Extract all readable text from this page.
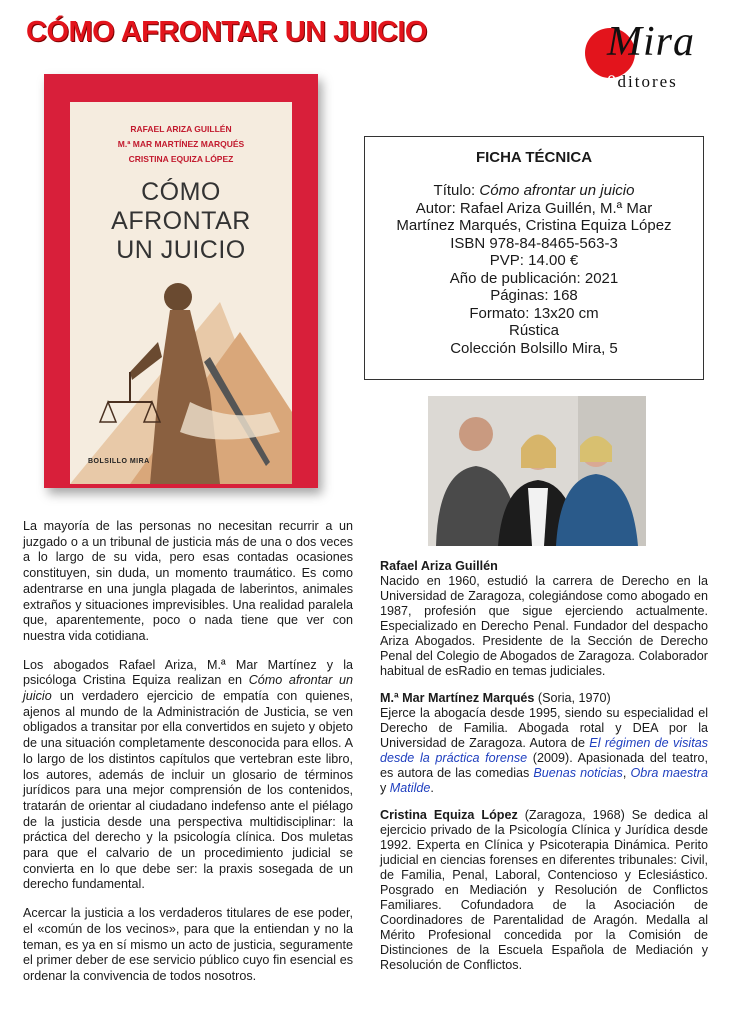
CÓMO AFRONTAR UN JUICIO	Mira
e ditores
RAFAEL ARIZA GUILLÉN
M.ª MAR MARTÍNEZ MARQUÉS
CRISTINA EQUIZA LÓPEZ
CÓMO
AFRONTAR
UN JUICIO
BOLSILLO MIRA
FICHA TÉCNICA
Título: Cómo afrontar un juicio
Autor: Rafael Ariza Guillén, M.ª Mar
Martínez Marqués, Cristina Equiza López
ISBN 978-84-8465-563-3
PVP: 14.00 €
Año de publicación: 2021
Páginas: 168
Formato: 13x20 cm
Rústica
Colección Bolsillo Mira, 5

La mayoría de las personas no necesitan recurrir a un juzgado o a un tribunal de justicia más de una o dos veces a lo largo de su vida, pero esas contadas ocasiones constituyen, sin duda, un momento traumático. Es como adentrarse en una jungla plagada de laberintos, animales extraños y situaciones imprevisibles. Una realidad paralela que, aparentemente, poco o nada tiene que ver con nuestra vida cotidiana.

Los abogados Rafael Ariza, M.ª Mar Martínez y la psicóloga Cristina Equiza realizan en Cómo afrontar un juicio un verdadero ejercicio de empatía con quienes, ajenos al mundo de la Administración de Justicia, se ven obligados a transitar por ella convertidos en sujeto y objeto de una situación completamente desconocida para ellos. A lo largo de los distintos capítulos que vertebran este libro, los autores, además de incluir un glosario de términos jurídicos para una mejor comprensión de los contenidos, tratarán de orientar al ciudadano indefenso ante el piélago de la justicia desde una perspectiva multidisciplinar: la práctica del derecho y la psicología clínica. Dos muletas para que el calvario de un procedimiento judicial se convierta en lo que debe ser: la praxis sosegada de un derecho fundamental.

Acercar la justicia a los verdaderos titulares de ese poder, el «común de los vecinos», para que la entiendan y no la teman, es ya en sí mismo un acto de justicia, seguramente el primer deber de ese servicio público cuyo fin esencial es ordenar la convivencia de todos nosotros.

Rafael Ariza Guillén
Nacido en 1960, estudió la carrera de Derecho en la Universidad de Zaragoza, colegiándose como abogado en 1987, profesión que sigue ejerciendo actualmente. Especializado en Derecho Penal. Fundador del despacho Ariza Abogados. Presidente de la Sección de Derecho Penal del Colegio de Abogados de Zaragoza. Colaborador habitual de esRadio en temas judiciales.

M.ª Mar Martínez Marqués (Soria, 1970)
Ejerce la abogacía desde 1995, siendo su especialidad el Derecho de Familia. Abogada rotal y DEA por la Universidad de Zaragoza. Autora de El régimen de visitas desde la práctica forense (2009). Apasionada del teatro, es autora de las comedias Buenas noticias, Obra maestra y Matilde.

Cristina Equiza López (Zaragoza, 1968) Se dedica al ejercicio privado de la Psicología Clínica y Jurídica desde 1992. Experta en Clínica y Psicoterapia Dinámica. Perito judicial en ciencias forenses en diferentes tribunales: Civil, de Familia, Penal, Laboral, Contencioso y Eclesiástico. Posgrado en Mediación y Resolución de Conflictos Familiares. Cofundadora de la Asociación de Coordinadores de Parentalidad de Aragón. Medalla al Mérito Profesional concedida por la Comisión de Distinciones de la Escuela Española de Mediación y Resolución de Conflictos.
